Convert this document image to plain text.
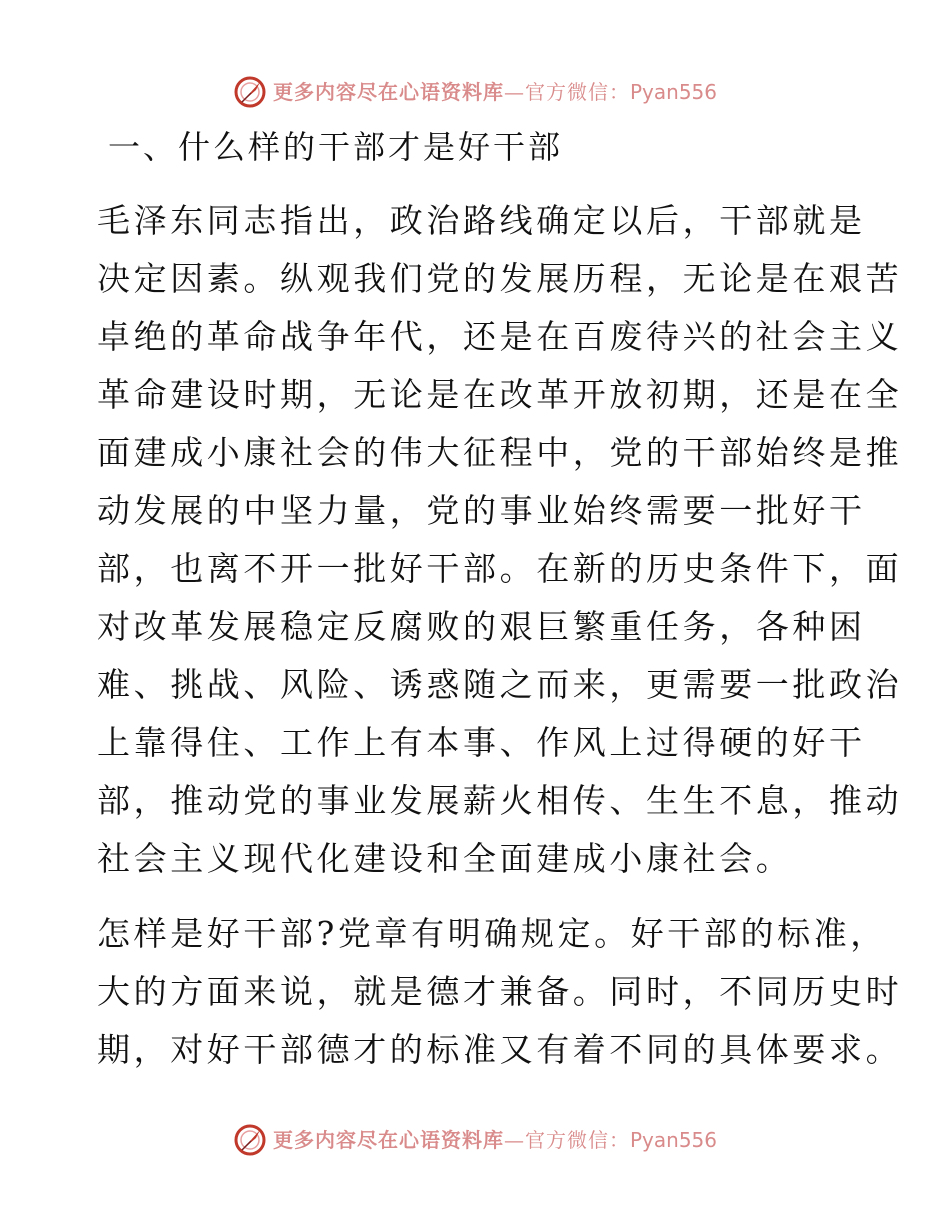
更多内容尽在心语资料库 — 官方微信： Pyan556
一、什么样的干部才是好干部

毛泽东同志指出，政治路线确定以后，干部就是
决定因素。纵观我们党的发展历程，无论是在艰苦
卓绝的革命战争年代，还是在百废待兴的社会主义
革命建设时期，无论是在改革开放初期，还是在全
面建成小康社会的伟大征程中，党的干部始终是推
动发展的中坚力量，党的事业始终需要一批好干
部，也离不开一批好干部。在新的历史条件下，面
对改革发展稳定反腐败的艰巨繁重任务，各种困
难、挑战、风险、诱惑随之而来，更需要一批政治
上靠得住、工作上有本事、作风上过得硬的好干
部，推动党的事业发展薪火相传、生生不息，推动
社会主义现代化建设和全面建成小康社会。

怎样是好干部?党章有明确规定。好干部的标准，
大的方面来说，就是德才兼备。同时，不同历史时
期，对好干部德才的标准又有着不同的具体要求。

更多内容尽在心语资料库 — 官方微信： Pyan556
